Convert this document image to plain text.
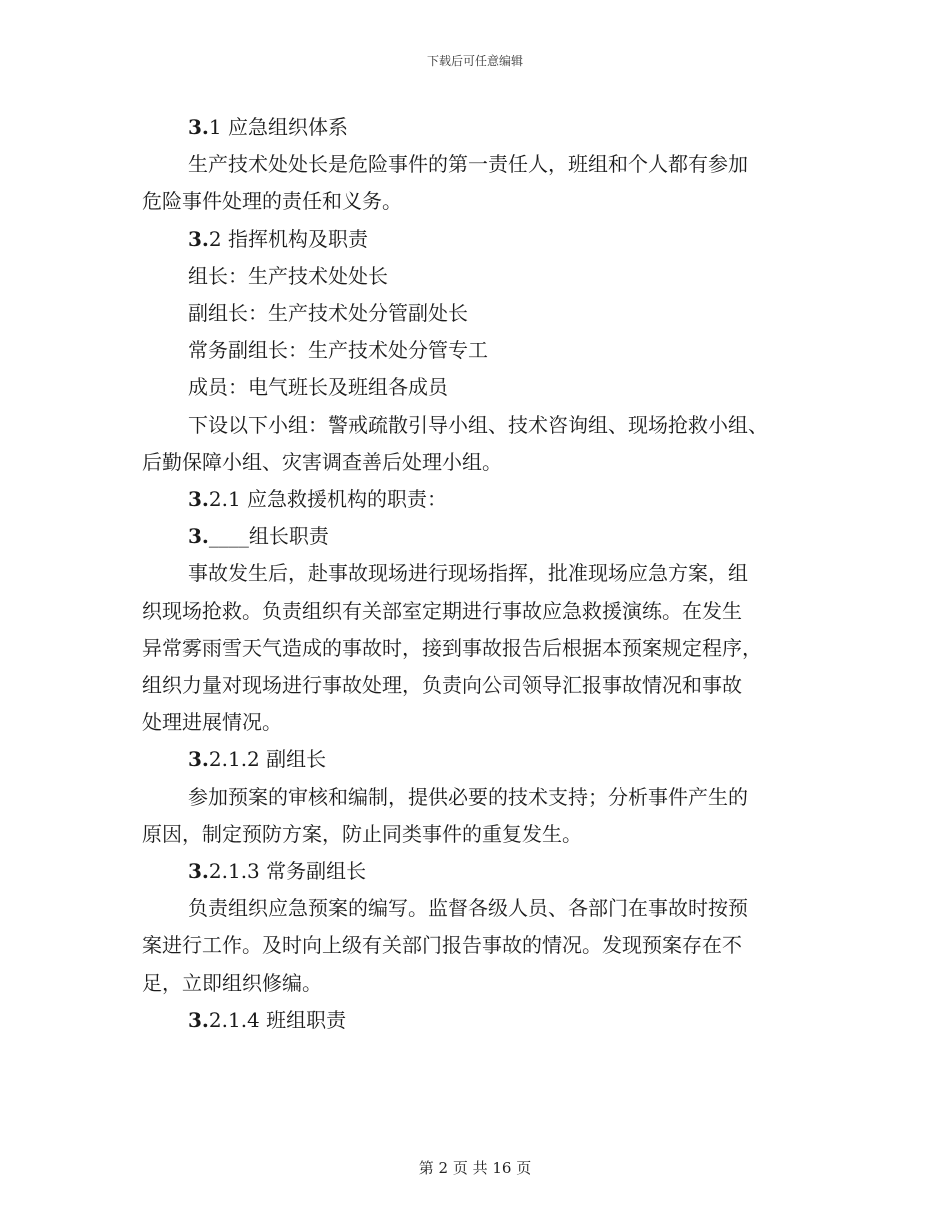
下载后可任意编辑

3.1 应急组织体系

生产技术处处长是危险事件的第一责任人，班组和个人都有参加

危险事件处理的责任和义务。

3.2 指挥机构及职责

组长：生产技术处处长

副组长：生产技术处分管副处长

常务副组长：生产技术处分管专工

成员：电气班长及班组各成员

下设以下小组：警戒疏散引导小组、技术咨询组、现场抢救小组、

后勤保障小组、灾害调查善后处理小组。

3.2.1 应急救援机构的职责：

3.____组长职责

事故发生后，赴事故现场进行现场指挥，批准现场应急方案，组

织现场抢救。负责组织有关部室定期进行事故应急救援演练。在发生

异常雾雨雪天气造成的事故时，接到事故报告后根据本预案规定程序，

组织力量对现场进行事故处理，负责向公司领导汇报事故情况和事故

处理进展情况。

3.2.1.2 副组长

参加预案的审核和编制，提供必要的技术支持；分析事件产生的

原因，制定预防方案，防止同类事件的重复发生。

3.2.1.3 常务副组长

负责组织应急预案的编写。监督各级人员、各部门在事故时按预

案进行工作。及时向上级有关部门报告事故的情况。发现预案存在不

足，立即组织修编。

3.2.1.4 班组职责

第 2 页 共 16 页
